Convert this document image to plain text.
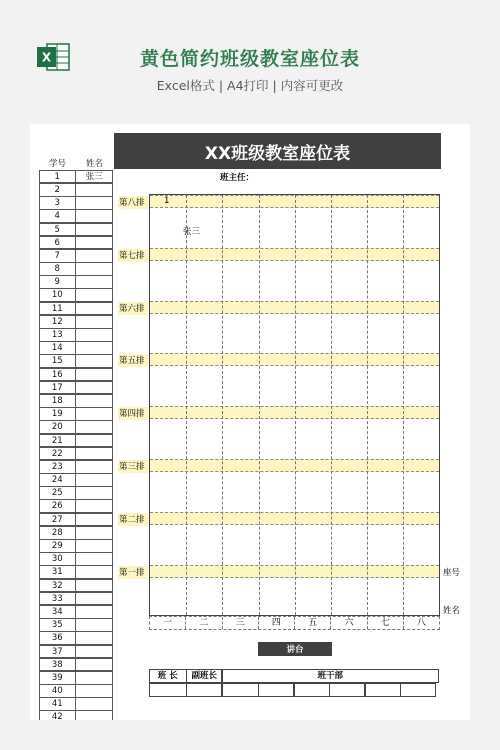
X	黄色简约班级教室座位表
Excel格式 | A4打印 | 内容可更改
XX班级教室座位表
学号 姓名
1	张三
2
3
4
5
6
7
8
9
10
11
12
13
14
15
16
17
18
19
20
21
22
23
24
25
26
27
28
29
30
31
32
33
34
35
36
37
38
39
40
41
42
班主任：
第八排
第七排
第六排
第五排
第四排
第三排
第二排
第一排
1
张三
座号
姓名
一	二	三	四	五	六	七	八
讲台
班 长	副班长	班干部
